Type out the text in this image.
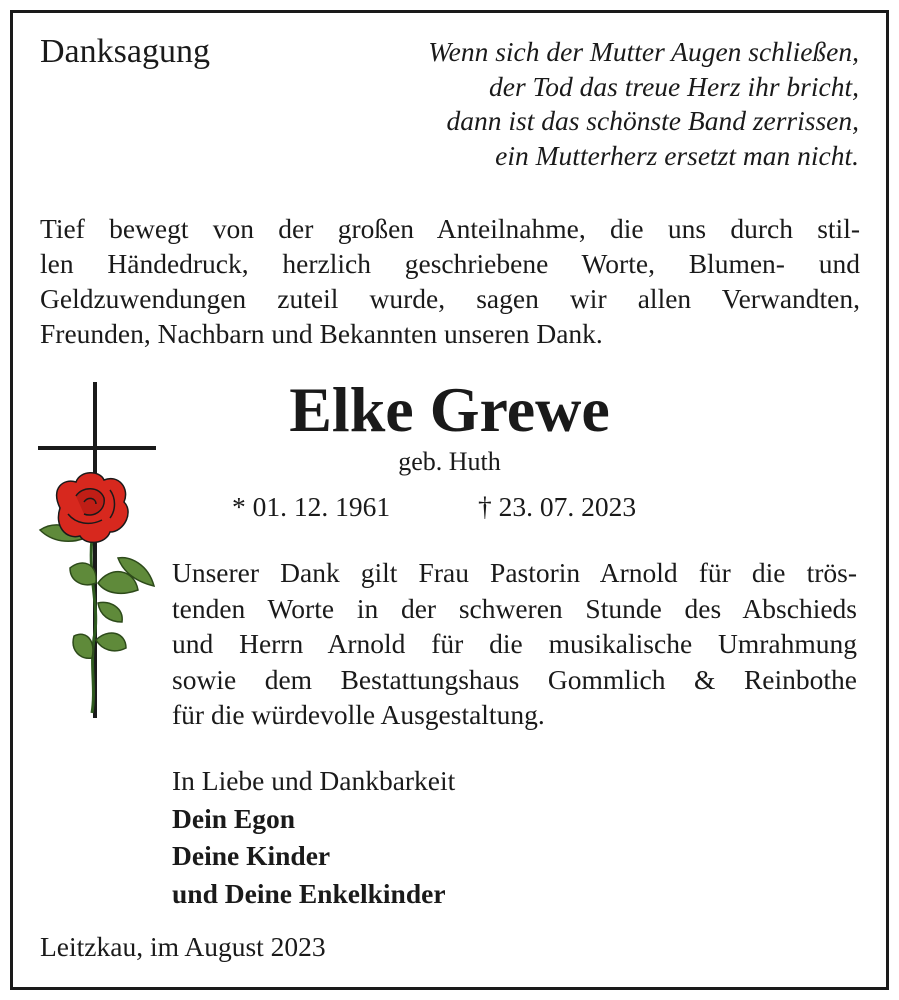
Danksagung	Wenn sich der Mutter Augen schließen,
der Tod das treue Herz ihr bricht,
dann ist das schönste Band zerrissen,
ein Mutterherz ersetzt man nicht.
Tief bewegt von der großen Anteilnahme, die uns durch stil-
len Händedruck, herzlich geschriebene Worte, Blumen- und
Geldzuwendungen zuteil wurde, sagen wir allen Verwandten,
Freunden, Nachbarn und Bekannten unseren Dank.
Elke Grewe
geb. Huth
* 01. 12. 1961	† 23. 07. 2023
Unserer Dank gilt Frau Pastorin Arnold für die trös-
tenden Worte in der schweren Stunde des Abschieds
und Herrn Arnold für die musikalische Umrahmung
sowie dem Bestattungshaus Gommlich & Reinbothe
für die würdevolle Ausgestaltung.
In Liebe und Dankbarkeit
Dein Egon
Deine Kinder
und Deine Enkelkinder
Leitzkau, im August 2023
